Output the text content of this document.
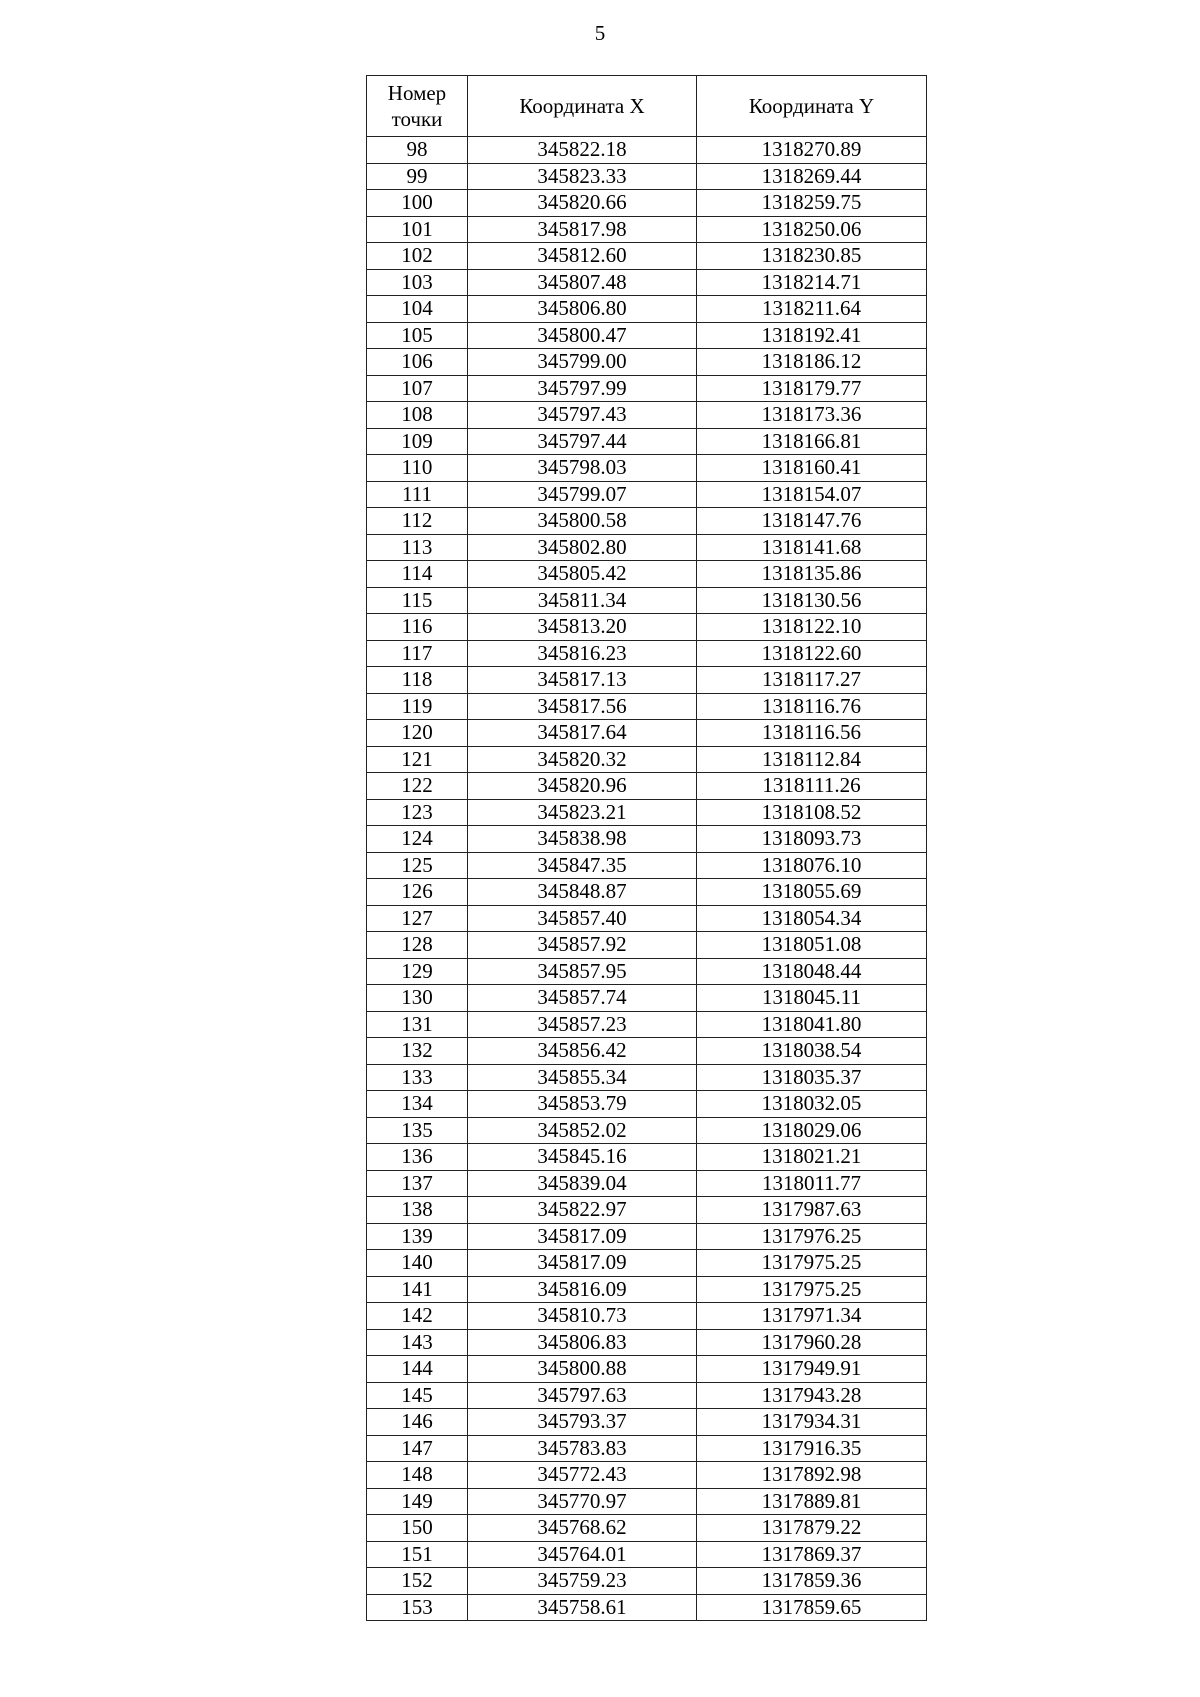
5
Номер точки	Координата X	Координата Y
98	345822.18	1318270.89
99	345823.33	1318269.44
100	345820.66	1318259.75
101	345817.98	1318250.06
102	345812.60	1318230.85
103	345807.48	1318214.71
104	345806.80	1318211.64
105	345800.47	1318192.41
106	345799.00	1318186.12
107	345797.99	1318179.77
108	345797.43	1318173.36
109	345797.44	1318166.81
110	345798.03	1318160.41
111	345799.07	1318154.07
112	345800.58	1318147.76
113	345802.80	1318141.68
114	345805.42	1318135.86
115	345811.34	1318130.56
116	345813.20	1318122.10
117	345816.23	1318122.60
118	345817.13	1318117.27
119	345817.56	1318116.76
120	345817.64	1318116.56
121	345820.32	1318112.84
122	345820.96	1318111.26
123	345823.21	1318108.52
124	345838.98	1318093.73
125	345847.35	1318076.10
126	345848.87	1318055.69
127	345857.40	1318054.34
128	345857.92	1318051.08
129	345857.95	1318048.44
130	345857.74	1318045.11
131	345857.23	1318041.80
132	345856.42	1318038.54
133	345855.34	1318035.37
134	345853.79	1318032.05
135	345852.02	1318029.06
136	345845.16	1318021.21
137	345839.04	1318011.77
138	345822.97	1317987.63
139	345817.09	1317976.25
140	345817.09	1317975.25
141	345816.09	1317975.25
142	345810.73	1317971.34
143	345806.83	1317960.28
144	345800.88	1317949.91
145	345797.63	1317943.28
146	345793.37	1317934.31
147	345783.83	1317916.35
148	345772.43	1317892.98
149	345770.97	1317889.81
150	345768.62	1317879.22
151	345764.01	1317869.37
152	345759.23	1317859.36
153	345758.61	1317859.65
